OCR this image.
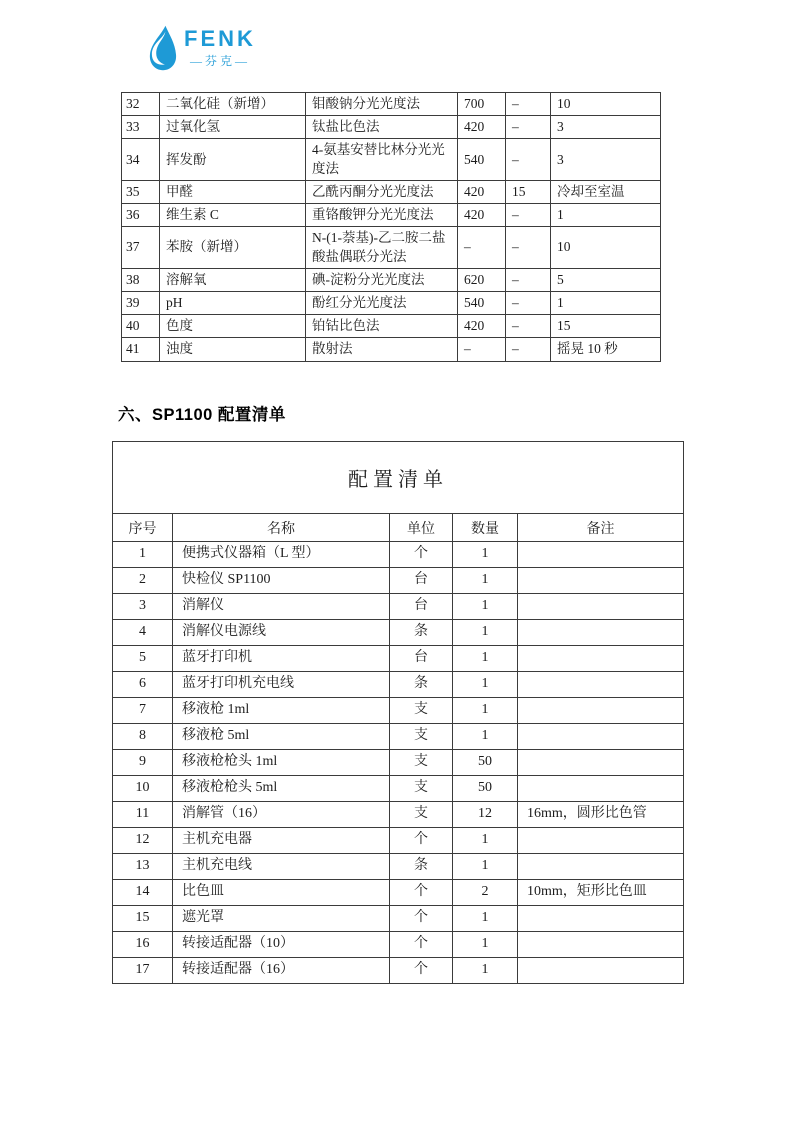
FENK
—芬克—
32	二氧化硅（新增）	钼酸钠分光光度法	700	–	10
33	过氧化氢	钛盐比色法	420	–	3
34	挥发酚	4-氨基安替比林分光光度法	540	–	3
35	甲醛	乙酰丙酮分光光度法	420	15	冷却至室温
36	维生素 C	重铬酸钾分光光度法	420	–	1
37	苯胺（新增）	N-(1-萘基)-乙二胺二盐酸盐偶联分光法	–	–	10
38	溶解氧	碘-淀粉分光光度法	620	–	5
39	pH	酚红分光光度法	540	–	1
40	色度	铂钴比色法	420	–	15
41	浊度	散射法	–	–	摇晃 10 秒
六、SP1100 配置清单
配置清单				
序号	名称	单位	数量	备注
1	便携式仪器箱（L 型）	个	1	
2	快检仪 SP1100	台	1	
3	消解仪	台	1	
4	消解仪电源线	条	1	
5	蓝牙打印机	台	1	
6	蓝牙打印机充电线	条	1	
7	移液枪 1ml	支	1	
8	移液枪 5ml	支	1	
9	移液枪枪头 1ml	支	50	
10	移液枪枪头 5ml	支	50	
11	消解管（16）	支	12	16mm，圆形比色管
12	主机充电器	个	1	
13	主机充电线	条	1	
14	比色皿	个	2	10mm，矩形比色皿
15	遮光罩	个	1	
16	转接适配器（10）	个	1	
17	转接适配器（16）	个	1	
